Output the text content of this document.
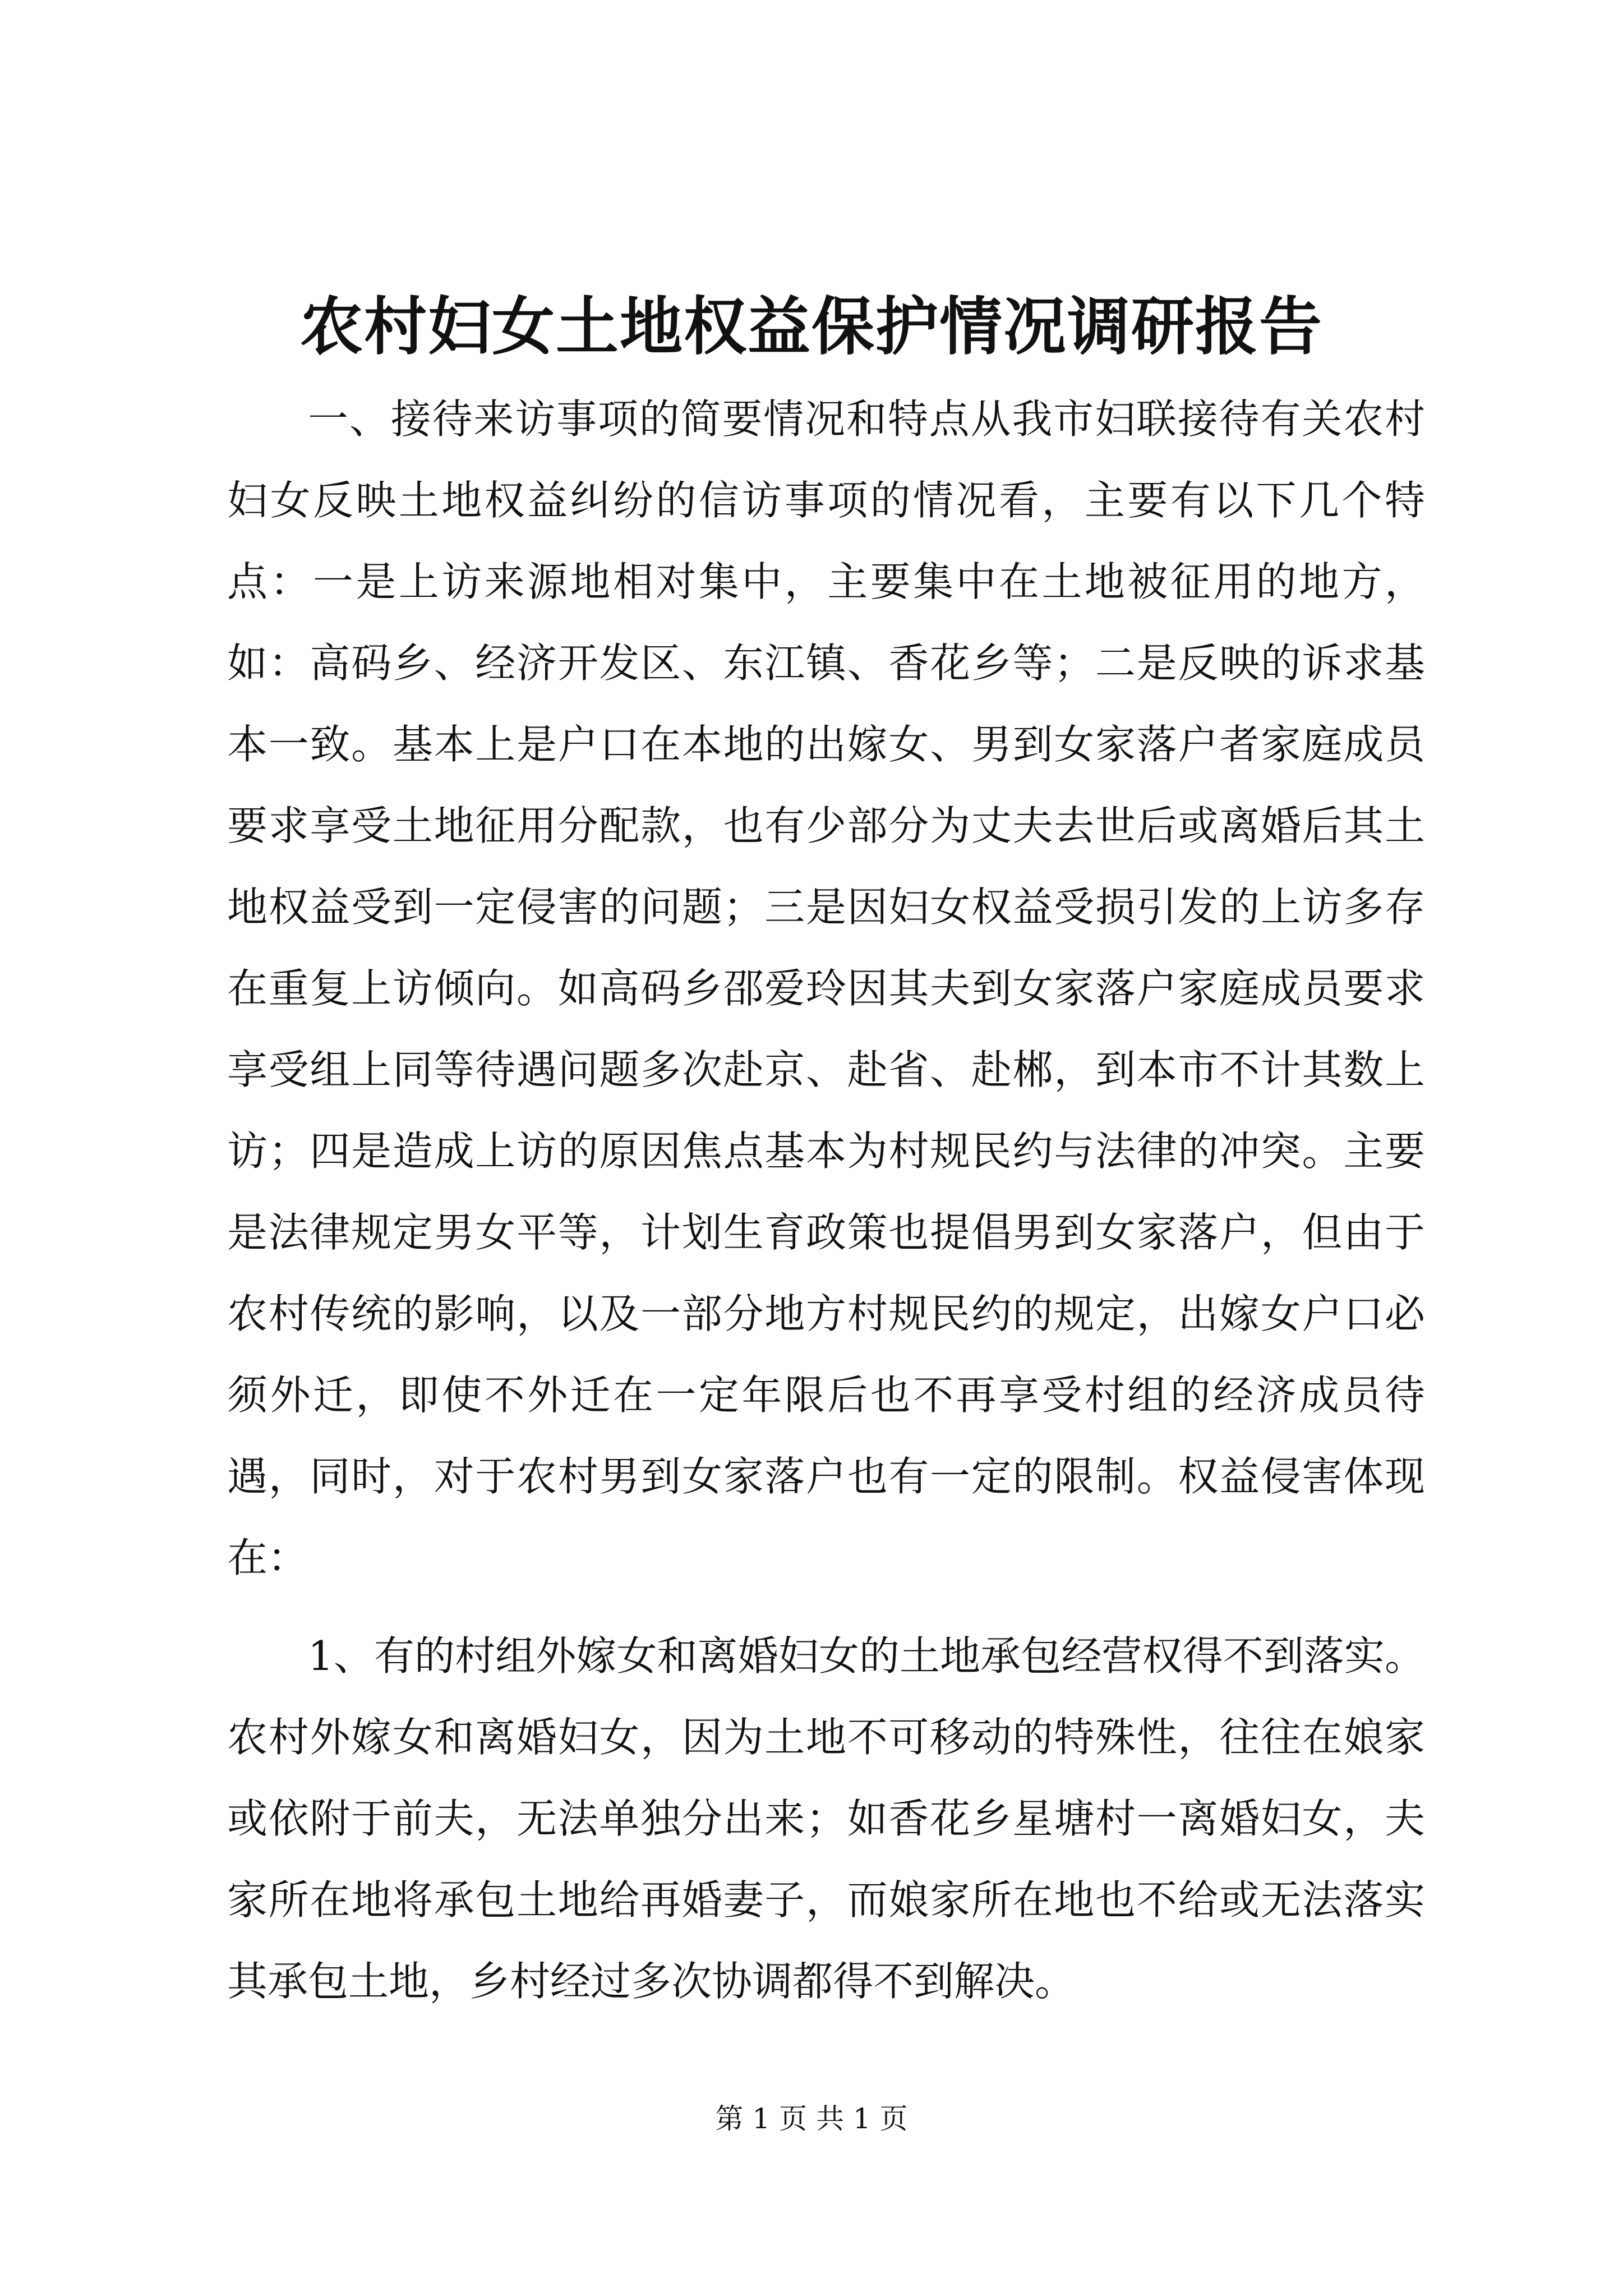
农村妇女土地权益保护情况调研报告

一、接待来访事项的简要情况和特点从我市妇联接待有关农村妇女反映土地权益纠纷的信访事项的情况看，主要有以下几个特点：一是上访来源地相对集中，主要集中在土地被征用的地方，如：高码乡、经济开发区、东江镇、香花乡等；二是反映的诉求基本一致。基本上是户口在本地的出嫁女、男到女家落户者家庭成员要求享受土地征用分配款，也有少部分为丈夫去世后或离婚后其土地权益受到一定侵害的问题；三是因妇女权益受损引发的上访多存在重复上访倾向。如高码乡邵爱玲因其夫到女家落户家庭成员要求享受组上同等待遇问题多次赴京、赴省、赴郴，到本市不计其数上访；四是造成上访的原因焦点基本为村规民约与法律的冲突。主要是法律规定男女平等，计划生育政策也提倡男到女家落户，但由于农村传统的影响，以及一部分地方村规民约的规定，出嫁女户口必须外迁，即使不外迁在一定年限后也不再享受村组的经济成员待遇，同时，对于农村男到女家落户也有一定的限制。权益侵害体现在：

1、有的村组外嫁女和离婚妇女的土地承包经营权得不到落实。农村外嫁女和离婚妇女，因为土地不可移动的特殊性，往往在娘家或依附于前夫，无法单独分出来；如香花乡星塘村一离婚妇女，夫家所在地将承包土地给再婚妻子，而娘家所在地也不给或无法落实其承包土地，乡村经过多次协调都得不到解决。

第 1 页 共 1 页
